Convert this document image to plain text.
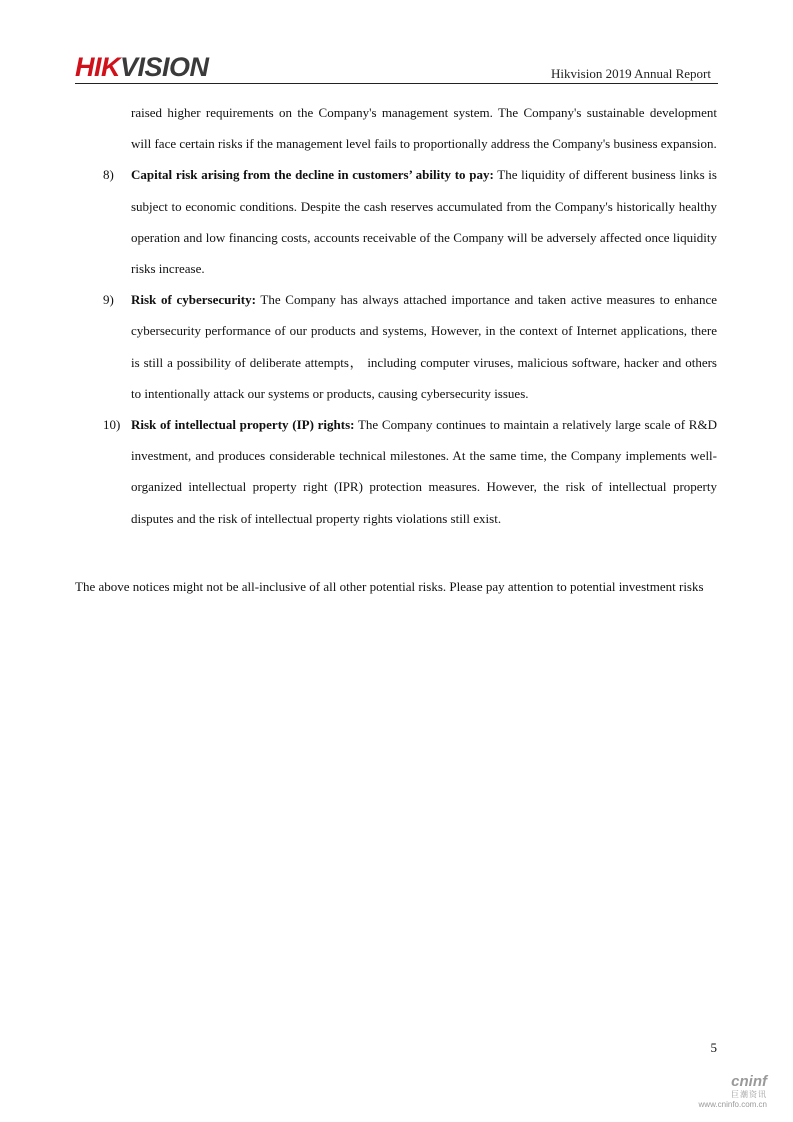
HIKVISION	Hikvision 2019 Annual Report

raised higher requirements on the Company's management system. The Company's sustainable development will face certain risks if the management level fails to proportionally address the Company's business expansion.

8) Capital risk arising from the decline in customers’ ability to pay: The liquidity of different business links is subject to economic conditions. Despite the cash reserves accumulated from the Company's historically healthy operation and low financing costs, accounts receivable of the Company will be adversely affected once liquidity risks increase.

9) Risk of cybersecurity: The Company has always attached importance and taken active measures to enhance cybersecurity performance of our products and systems, However, in the context of Internet applications, there is still a possibility of deliberate attempts， including computer viruses, malicious software, hacker and others to intentionally attack our systems or products, causing cybersecurity issues.

10) Risk of intellectual property (IP) rights: The Company continues to maintain a relatively large scale of R&D investment, and produces considerable technical milestones. At the same time, the Company implements well-organized intellectual property right (IPR) protection measures. However, the risk of intellectual property disputes and the risk of intellectual property rights violations still exist.

The above notices might not be all-inclusive of all other potential risks. Please pay attention to potential investment risks

5
cninf
巨潮资讯
www.cninfo.com.cn
